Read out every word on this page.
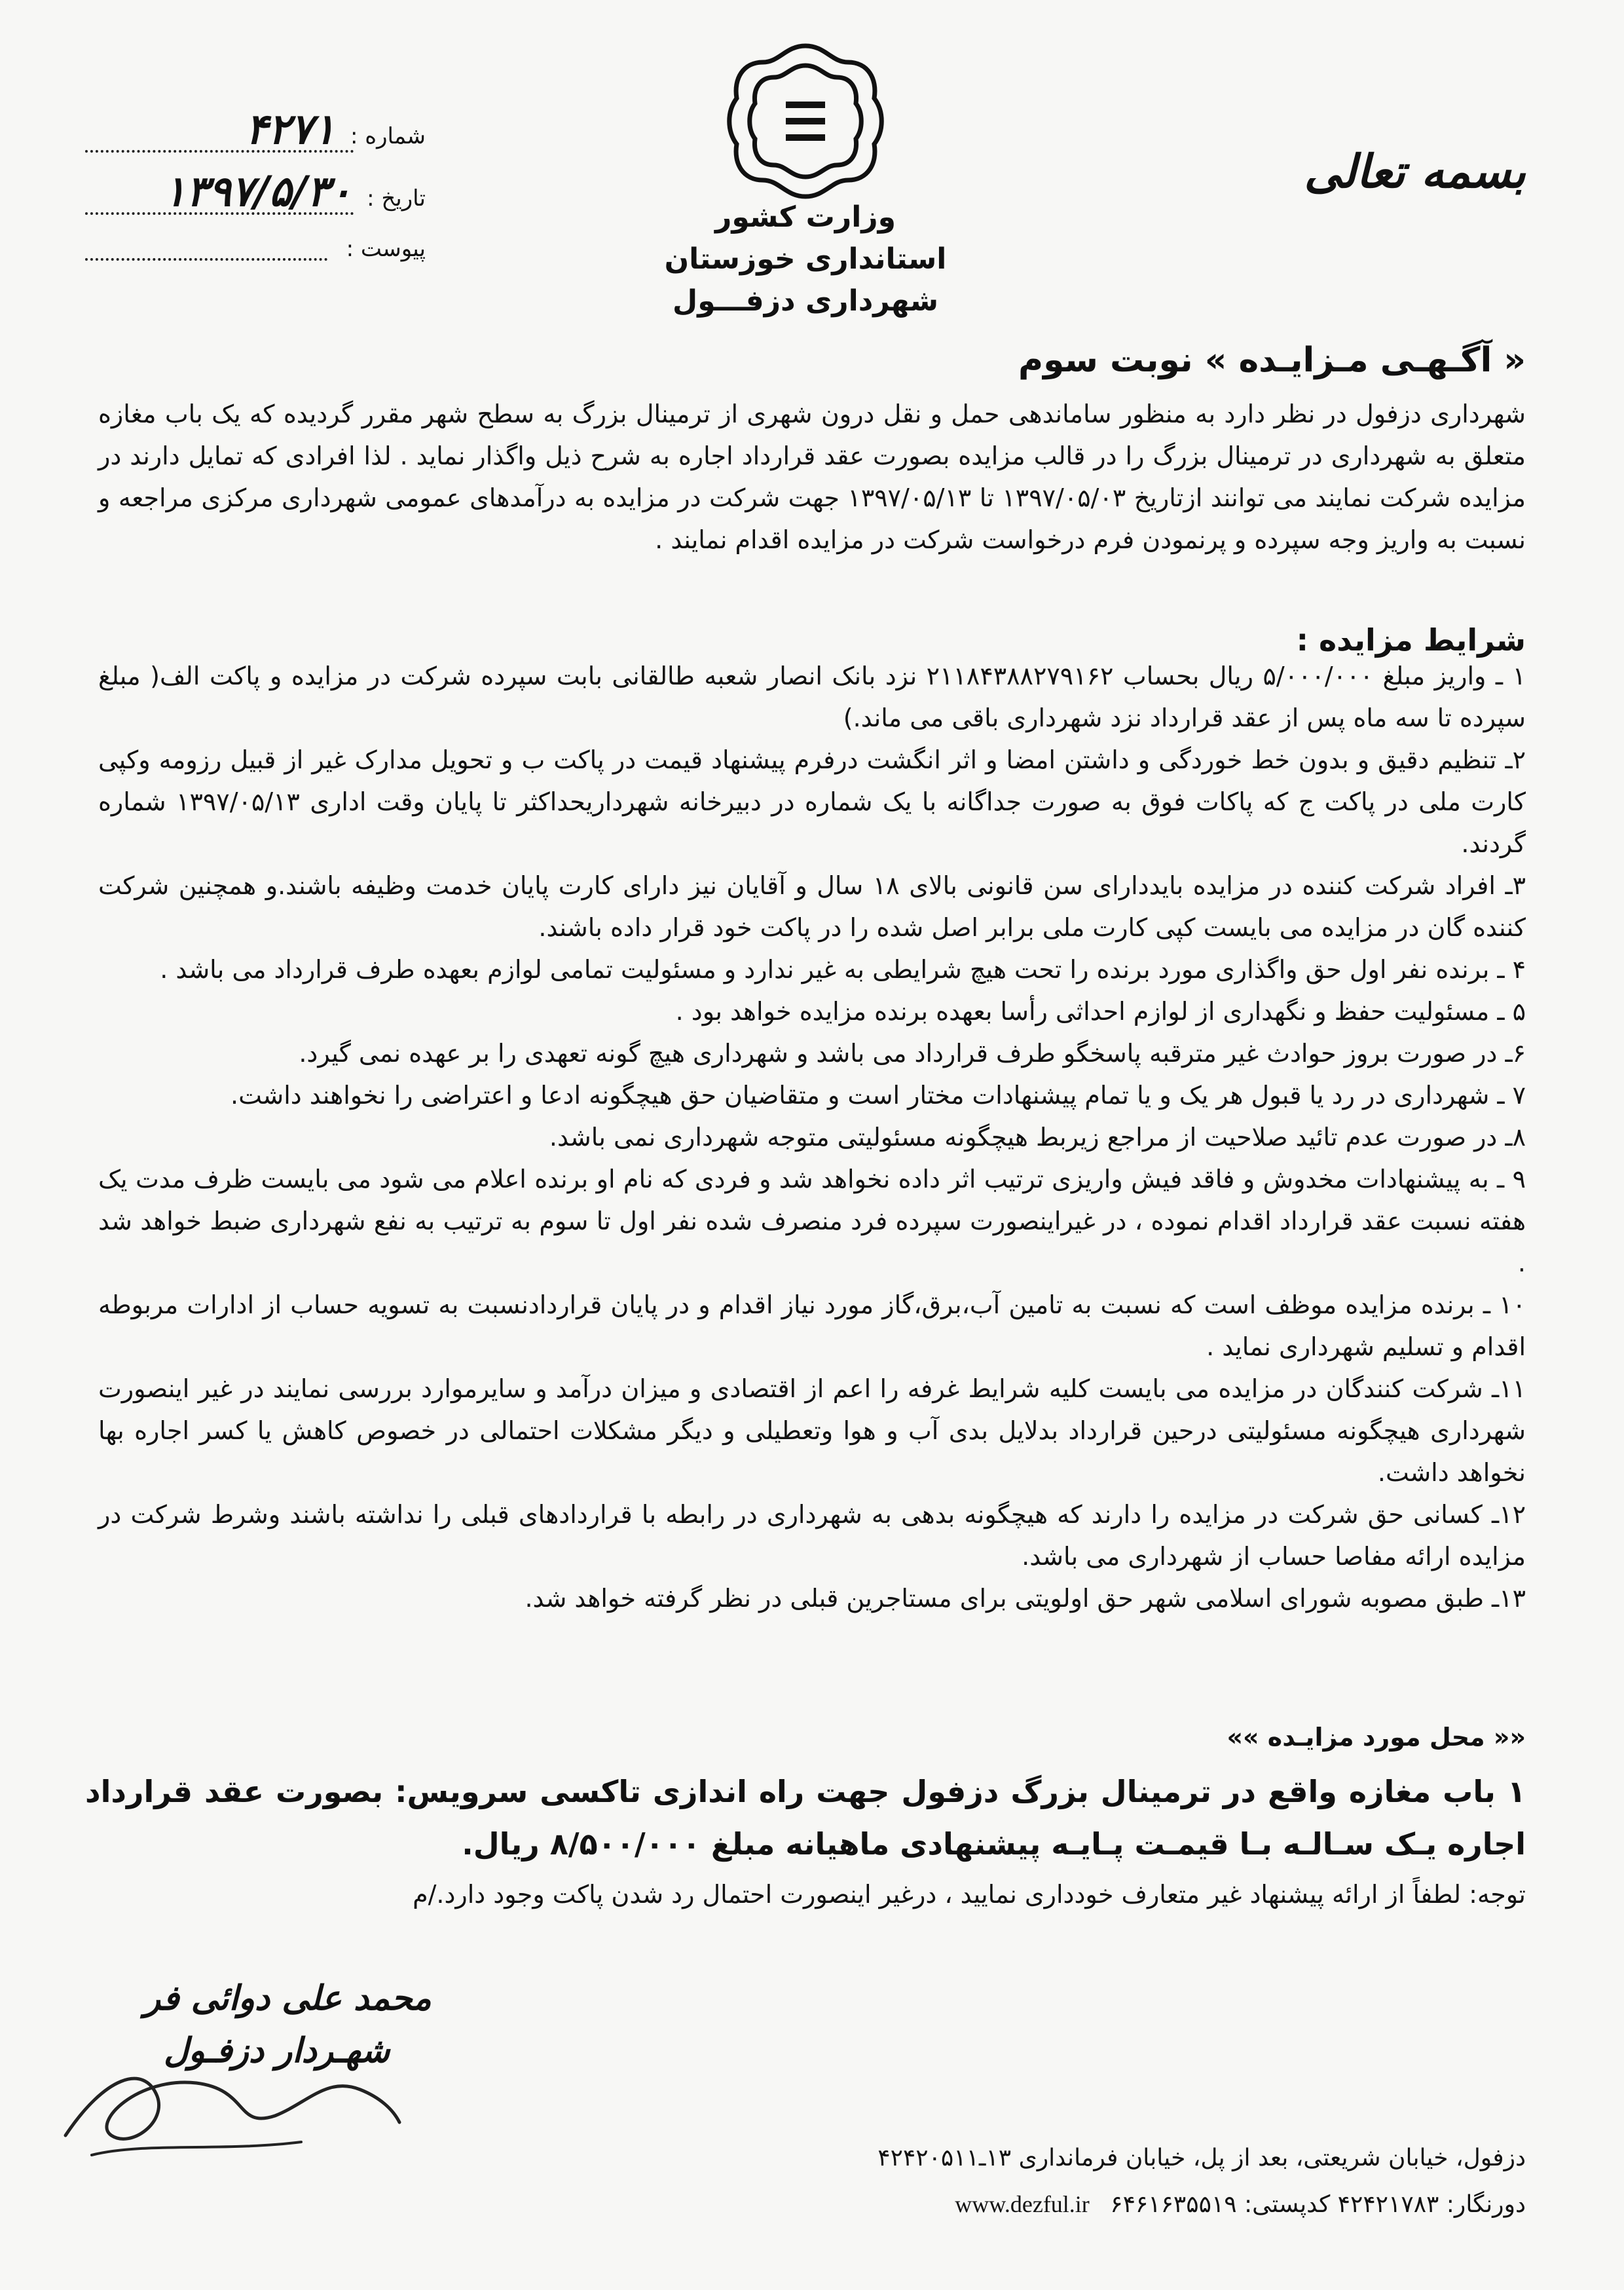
شماره : ۴۲۷۱
تاریخ : ۱۳۹۷/۵/۳۰
پیوست :
بسمه تعالی
وزارت کشور
استانداری خوزستان
شهرداری دزفـــول
« آگـهـی مـزایـده » نوبت سوم
شهرداری دزفول در نظر دارد به منظور ساماندهی حمل و نقل درون شهری از ترمینال بزرگ به سطح شهر مقرر گردیده که یک باب مغازه متعلق به شهرداری در ترمینال بزرگ را در قالب مزایده بصورت عقد قرارداد اجاره به شرح ذیل واگذار نماید . لذا افرادی که تمایل دارند در مزایده شرکت نمایند می توانند ازتاریخ ۱۳۹۷/۰۵/۰۳ تا ۱۳۹۷/۰۵/۱۳ جهت شرکت در مزایده به درآمدهای عمومی شهرداری مرکزی مراجعه و نسبت به واریز وجه سپرده و پرنمودن فرم درخواست شرکت در مزایده اقدام نمایند .
شرایط مزایده :

۱ ـ واریز مبلغ ۵/۰۰۰/۰۰۰ ریال بحساب ۲۱۱۸۴۳۸۸۲۷۹۱۶۲ نزد بانک انصار شعبه طالقانی بابت سپرده شرکت در مزایده و پاکت الف( مبلغ سپرده تا سه ماه پس از عقد قرارداد نزد شهرداری باقی می ماند.)

۲ـ تنظیم دقیق و بدون خط خوردگی و داشتن امضا و اثر انگشت درفرم پیشنهاد قیمت در پاکت ب و تحویل مدارک غیر از قبیل رزومه وکپی کارت ملی در پاکت ج که پاکات فوق به صورت جداگانه با یک شماره در دبیرخانه شهرداریحداکثر تا پایان وقت اداری ۱۳۹۷/۰۵/۱۳ شماره گردند.

۳ـ افراد شرکت کننده در مزایده بایددارای سن قانونی بالای ۱۸ سال و آقایان نیز دارای کارت پایان خدمت وظیفه باشند.و همچنین شرکت کننده گان در مزایده می بایست کپی کارت ملی برابر اصل شده را در پاکت خود قرار داده باشند.

۴ ـ برنده نفر اول حق واگذاری مورد برنده را تحت هیچ شرایطی به غیر ندارد و مسئولیت تمامی لوازم بعهده طرف قرارداد می باشد .

۵ ـ مسئولیت حفظ و نگهداری از لوازم احداثی رأسا بعهده برنده مزایده خواهد بود .

۶ـ در صورت بروز حوادث غیر مترقبه پاسخگو طرف قرارداد می باشد و شهرداری هیچ گونه تعهدی را بر عهده نمی گیرد.

۷ ـ شهرداری در رد یا قبول هر یک و یا تمام پیشنهادات مختار است و متقاضیان حق هیچگونه ادعا و اعتراضی را نخواهند داشت.

۸ـ در صورت عدم تائید صلاحیت از مراجع زیربط هیچگونه مسئولیتی متوجه شهرداری نمی باشد.

۹ ـ به پیشنهادات مخدوش و فاقد فیش واریزی ترتیب اثر داده نخواهد شد و فردی که نام او برنده اعلام می شود می بایست ظرف مدت یک هفته نسبت عقد قرارداد اقدام نموده ، در غیراینصورت سپرده فرد منصرف شده نفر اول تا سوم به ترتیب به نفع شهرداری ضبط خواهد شد .

۱۰ ـ برنده مزایده موظف است که نسبت به تامین آب،برق،گاز مورد نیاز اقدام و در پایان قراردادنسبت به تسویه حساب از ادارات مربوطه اقدام و تسلیم شهرداری نماید .

۱۱ـ شرکت کنندگان در مزایده می بایست کلیه شرایط غرفه را اعم از اقتصادی و میزان درآمد و سایرموارد بررسی نمایند در غیر اینصورت شهرداری هیچگونه مسئولیتی درحین قرارداد بدلایل بدی آب و هوا وتعطیلی و دیگر مشکلات احتمالی در خصوص کاهش یا کسر اجاره بها نخواهد داشت.

۱۲ـ کسانی حق شرکت در مزایده را دارند که هیچگونه بدهی به شهرداری در رابطه با قراردادهای قبلی را نداشته باشند وشرط شرکت در مزایده ارائه مفاصا حساب از شهرداری می باشد.

۱۳ـ طبق مصوبه شورای اسلامی شهر حق اولویتی برای مستاجرین قبلی در نظر گرفته خواهد شد.

«« محل مورد مزایـده »»
۱ باب مغازه واقع در ترمینال بزرگ دزفول جهت راه اندازی تاکسی سرویس: بصورت عقد قرارداد اجاره یـک سـالـه بـا قیمـت پـایـه پیشنهادی ماهیانه مبلغ ۸/۵۰۰/۰۰۰ ریال.
توجه: لطفاً از ارائه پیشنهاد غیر متعارف خودداری نمایید ، درغیر اینصورت احتمال رد شدن پاکت وجود دارد./م
محمد علی دوائی فر
شهـردار دزفـول
دزفول، خیابان شریعتی، بعد از پل، خیابان فرمانداری ۱۳ـ۴۲۴۲۰۵۱۱
دورنگار: ۴۲۴۲۱۷۸۳ کدپستی: ۶۴۶۱۶۳۵۵۱۹ www.dezful.ir
